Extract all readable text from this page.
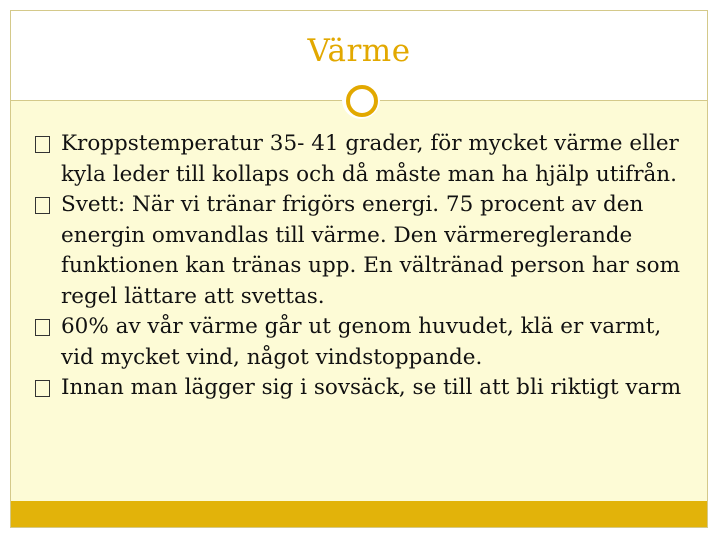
Värme
Kroppstemperatur 35- 41 grader, för mycket värme eller kyla leder till kollaps och då måste man ha hjälp utifrån.
Svett: När vi tränar frigörs energi. 75 procent av den energin omvandlas till värme. Den värmereglerande funktionen kan tränas upp. En vältränad person har som regel lättare att svettas.
60% av vår värme går ut genom huvudet, klä er varmt, vid mycket vind, något vindstoppande.
Innan man lägger sig i sovsäck, se till att bli riktigt varm
